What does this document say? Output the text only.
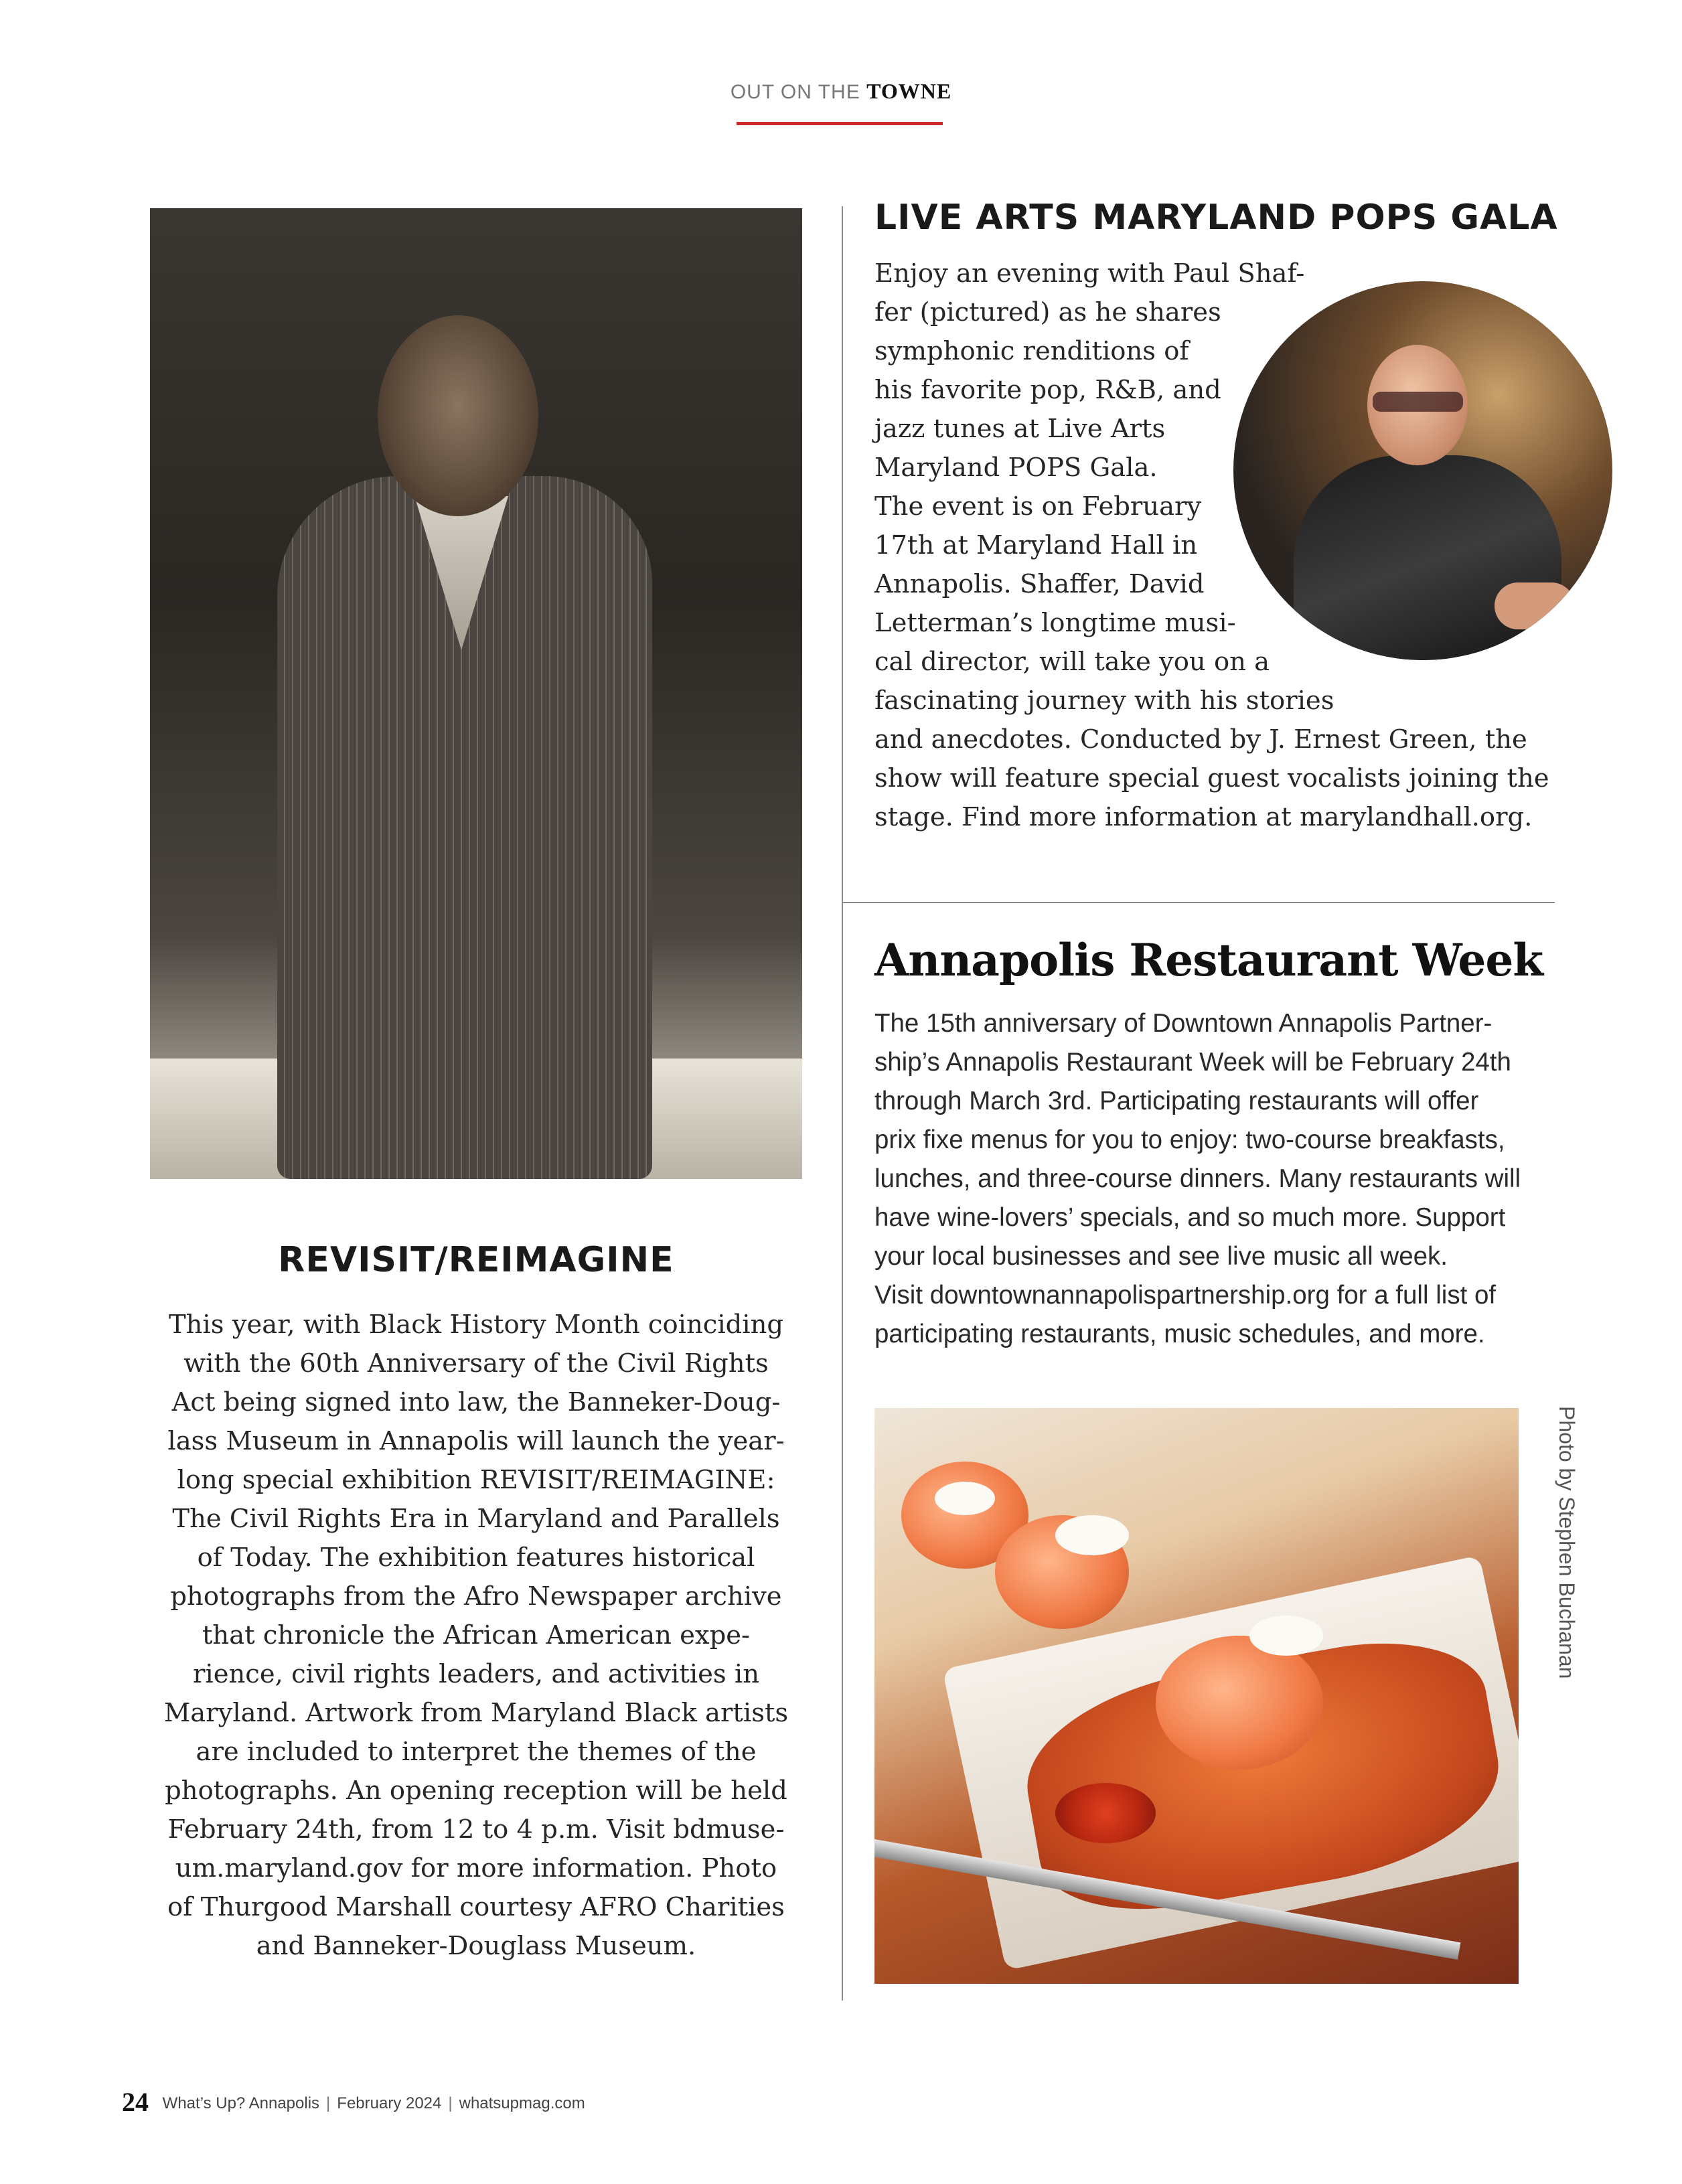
OUT ON THE TOWNE
REVISIT/REIMAGINE
This year, with Black History Month coinciding
with the 60th Anniversary of the Civil Rights
Act being signed into law, the Banneker-Doug-
lass Museum in Annapolis will launch the year-
long special exhibition REVISIT/REIMAGINE:
The Civil Rights Era in Maryland and Parallels
of Today. The exhibition features historical
photographs from the Afro Newspaper archive
that chronicle the African American expe-
rience, civil rights leaders, and activities in
Maryland. Artwork from Maryland Black artists
are included to interpret the themes of the
photographs. An opening reception will be held
February 24th, from 12 to 4 p.m. Visit bdmuse-
um.maryland.gov for more information. Photo
of Thurgood Marshall courtesy AFRO Charities
and Banneker-Douglass Museum.
LIVE ARTS MARYLAND POPS GALA
Enjoy an evening with Paul Shaf-
fer (pictured) as he shares
symphonic renditions of
his favorite pop, R&B, and
jazz tunes at Live Arts
Maryland POPS Gala.
The event is on February
17th at Maryland Hall in
Annapolis. Shaffer, David
Letterman’s longtime musi-
cal director, will take you on a
fascinating journey with his stories
and anecdotes. Conducted by J. Ernest Green, the
show will feature special guest vocalists joining the
stage. Find more information at marylandhall.org.
Annapolis Restaurant Week
The 15th anniversary of Downtown Annapolis Partner-
ship’s Annapolis Restaurant Week will be February 24th
through March 3rd. Participating restaurants will offer
prix fixe menus for you to enjoy: two-course breakfasts,
lunches, and three-course dinners. Many restaurants will
have wine-lovers’ specials, and so much more. Support
your local businesses and see live music all week.
Visit downtownannapolispartnership.org for a full list of
participating restaurants, music schedules, and more.
Photo by Stephen Buchanan
24 What’s Up? Annapolis | February 2024 | whatsupmag.com
